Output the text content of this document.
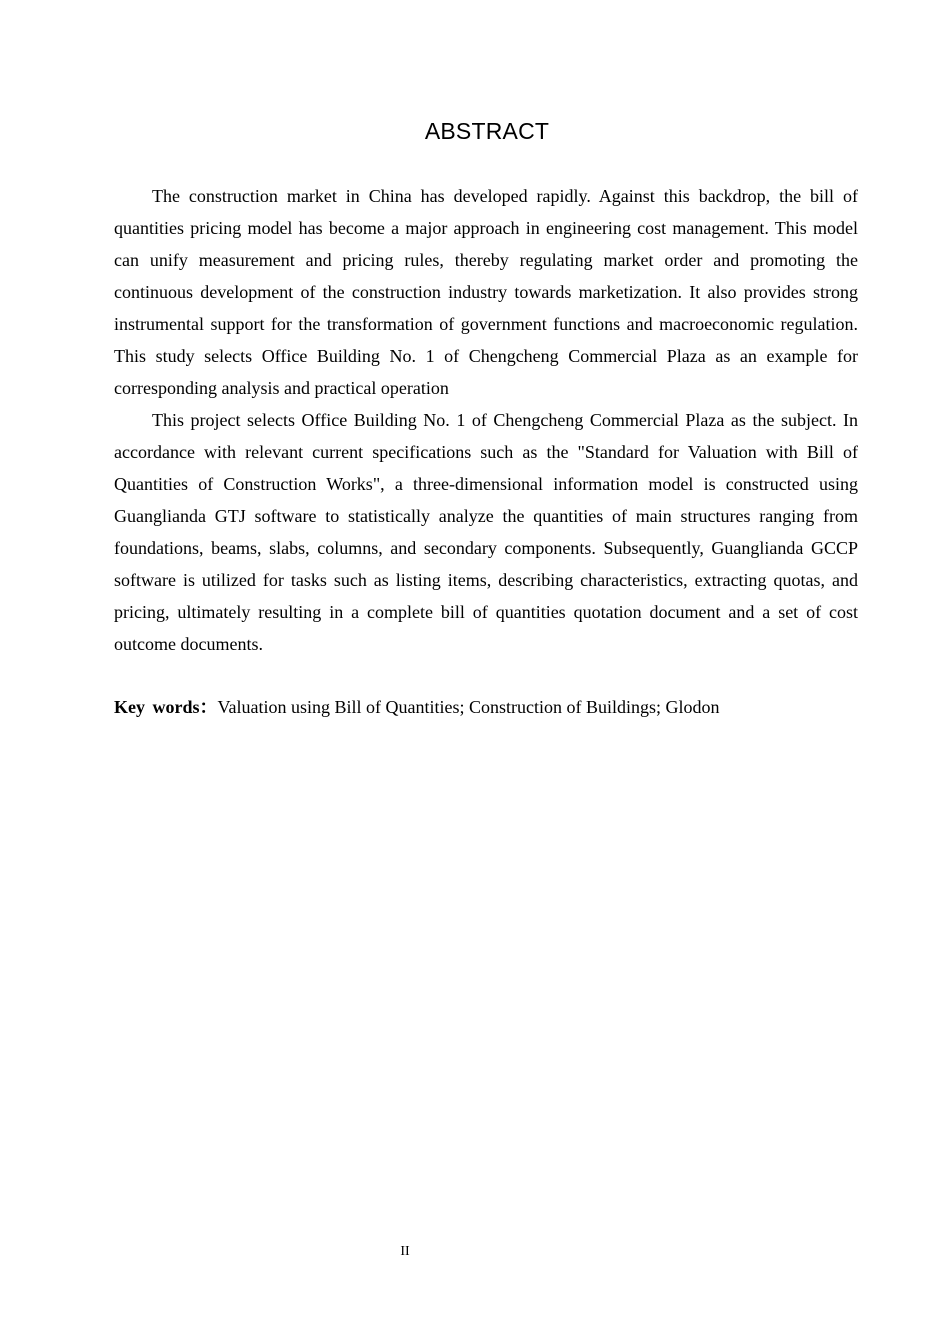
ABSTRACT

The construction market in China has developed rapidly. Against this backdrop, the bill of quantities pricing model has become a major approach in engineering cost management. This model can unify measurement and pricing rules, thereby regulating market order and promoting the continuous development of the construction industry towards marketization. It also provides strong instrumental support for the transformation of government functions and macroeconomic regulation. This study selects Office Building No. 1 of Chengcheng Commercial Plaza as an example for corresponding analysis and practical operation

This project selects Office Building No. 1 of Chengcheng Commercial Plaza as the subject. In accordance with relevant current specifications such as the "Standard for Valuation with Bill of Quantities of Construction Works", a three-dimensional information model is constructed using Guanglianda GTJ software to statistically analyze the quantities of main structures ranging from foundations, beams, slabs, columns, and secondary components. Subsequently, Guanglianda GCCP software is utilized for tasks such as listing items, describing characteristics, extracting quotas, and pricing, ultimately resulting in a complete bill of quantities quotation document and a set of cost outcome documents.

Key words：Valuation using Bill of Quantities; Construction of Buildings; Glodon
II
